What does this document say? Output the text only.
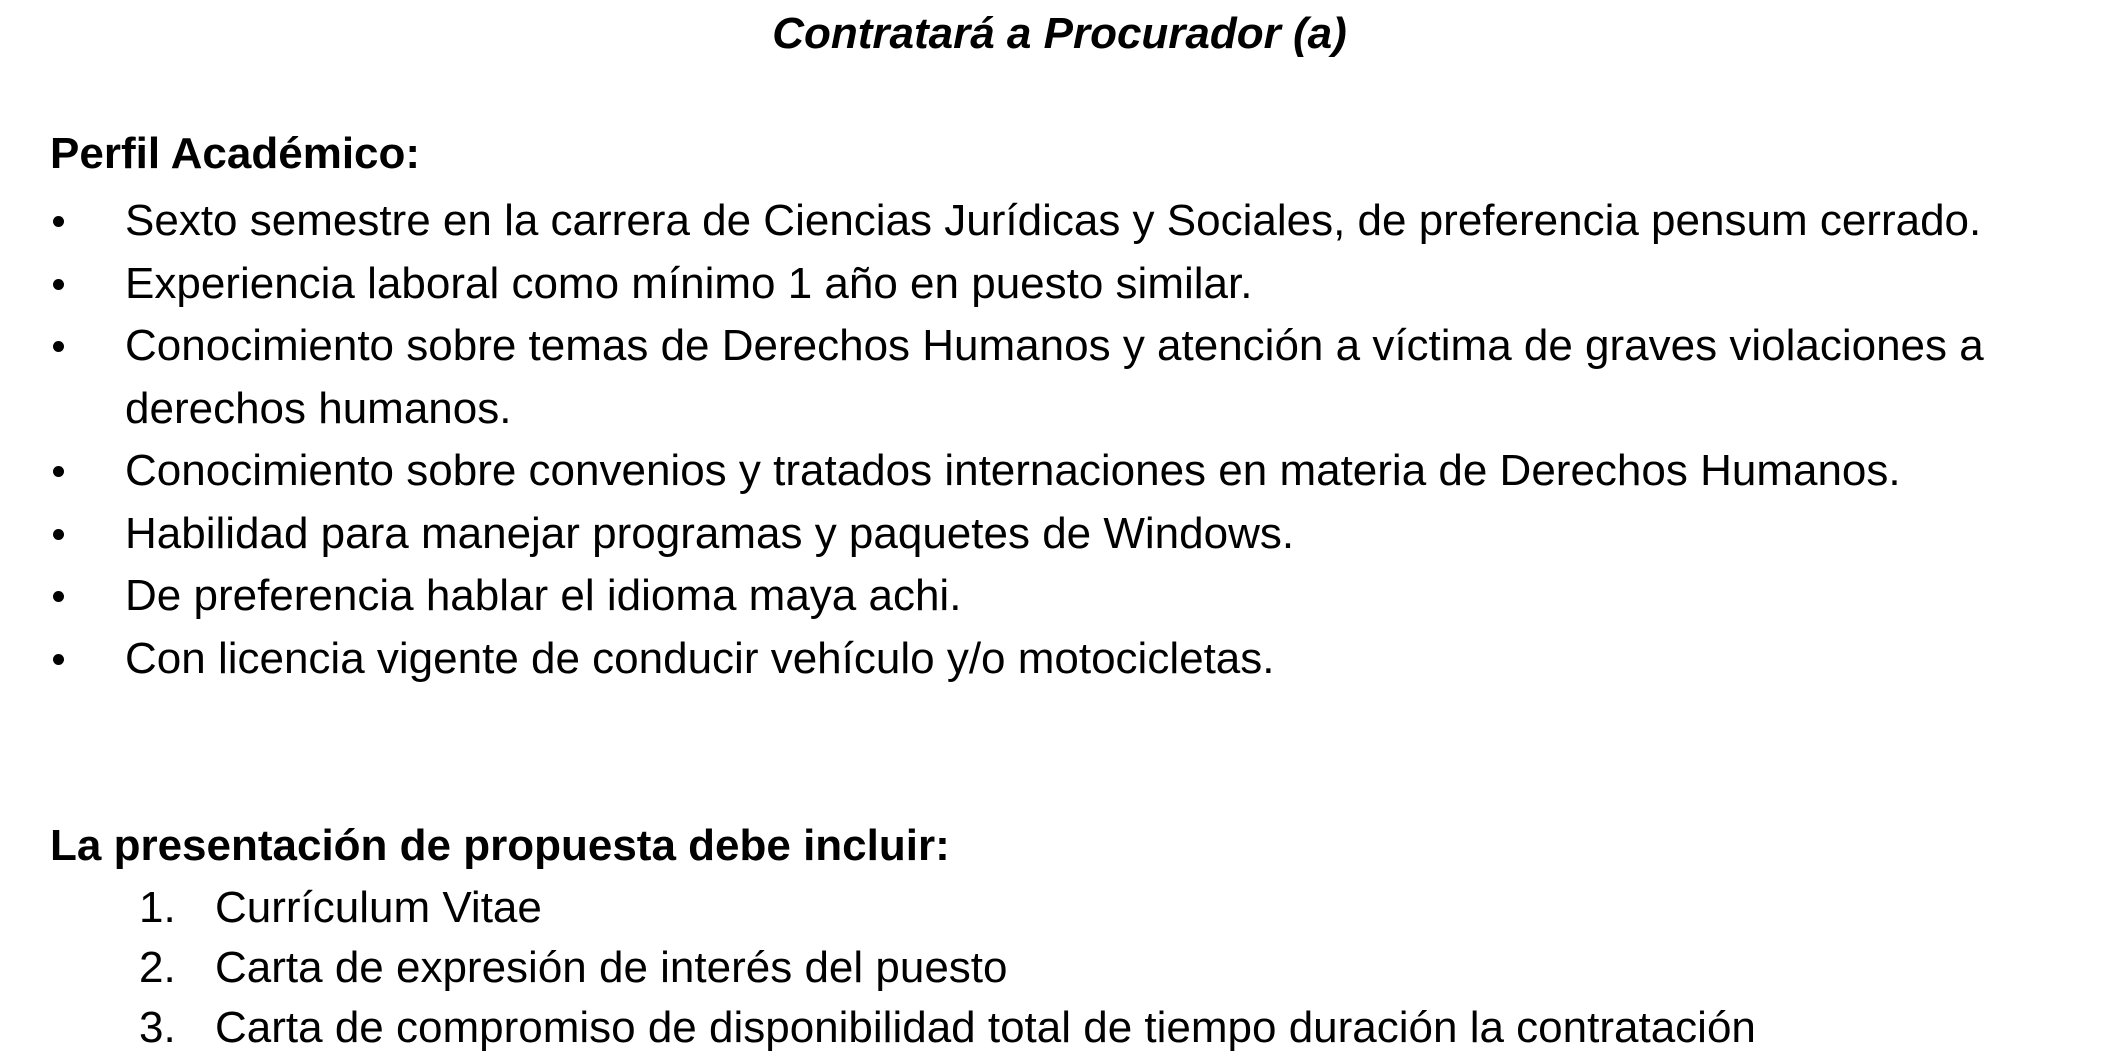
Contratará a Procurador (a)
Perfil Académico:
Sexto semestre en la carrera de Ciencias Jurídicas y Sociales, de preferencia pensum cerrado.
Experiencia laboral como mínimo 1 año en puesto similar.
Conocimiento sobre temas de Derechos Humanos y atención a víctima de graves violaciones a derechos humanos.
Conocimiento sobre convenios y tratados internaciones en materia de Derechos Humanos.
Habilidad para manejar programas y paquetes de Windows.
De preferencia hablar el idioma maya achi.
Con licencia vigente de conducir vehículo y/o motocicletas.
La presentación de propuesta debe incluir:
1. Currículum Vitae
2. Carta de expresión de interés del puesto
3. Carta de compromiso de disponibilidad total de tiempo duración la contratación
